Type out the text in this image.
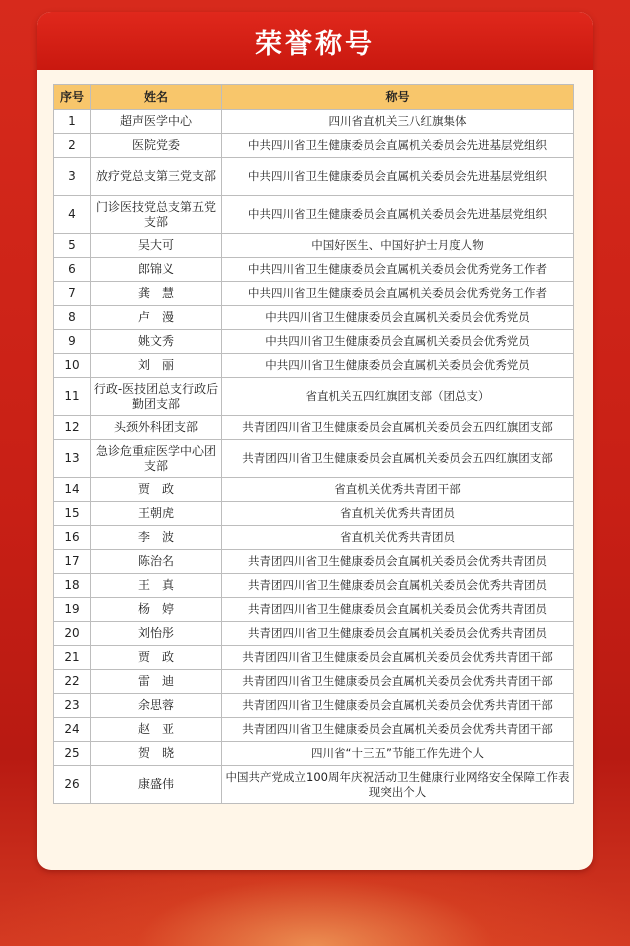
荣誉称号
序号	姓名	称号
1	超声医学中心	四川省直机关三八红旗集体
2	医院党委	中共四川省卫生健康委员会直属机关委员会先进基层党组织
3	放疗党总支第三党支部	中共四川省卫生健康委员会直属机关委员会先进基层党组织
4	门诊医技党总支第五党支部	中共四川省卫生健康委员会直属机关委员会先进基层党组织
5	吴大可	中国好医生、中国好护士月度人物
6	郎锦义	中共四川省卫生健康委员会直属机关委员会优秀党务工作者
7	龚　慧	中共四川省卫生健康委员会直属机关委员会优秀党务工作者
8	卢　漫	中共四川省卫生健康委员会直属机关委员会优秀党员
9	姚文秀	中共四川省卫生健康委员会直属机关委员会优秀党员
10	刘　丽	中共四川省卫生健康委员会直属机关委员会优秀党员
11	行政-医技团总支行政后勤团支部	省直机关五四红旗团支部（团总支）
12	头颈外科团支部	共青团四川省卫生健康委员会直属机关委员会五四红旗团支部
13	急诊危重症医学中心团支部	共青团四川省卫生健康委员会直属机关委员会五四红旗团支部
14	贾　政	省直机关优秀共青团干部
15	王朝虎	省直机关优秀共青团员
16	李　波	省直机关优秀共青团员
17	陈治名	共青团四川省卫生健康委员会直属机关委员会优秀共青团员
18	王　真	共青团四川省卫生健康委员会直属机关委员会优秀共青团员
19	杨　婷	共青团四川省卫生健康委员会直属机关委员会优秀共青团员
20	刘怡彤	共青团四川省卫生健康委员会直属机关委员会优秀共青团员
21	贾　政	共青团四川省卫生健康委员会直属机关委员会优秀共青团干部
22	雷　迪	共青团四川省卫生健康委员会直属机关委员会优秀共青团干部
23	余思蓉	共青团四川省卫生健康委员会直属机关委员会优秀共青团干部
24	赵　亚	共青团四川省卫生健康委员会直属机关委员会优秀共青团干部
25	贺　晓	四川省“十三五”节能工作先进个人
26	康盛伟	中国共产党成立100周年庆祝活动卫生健康行业网络安全保障工作表现突出个人
